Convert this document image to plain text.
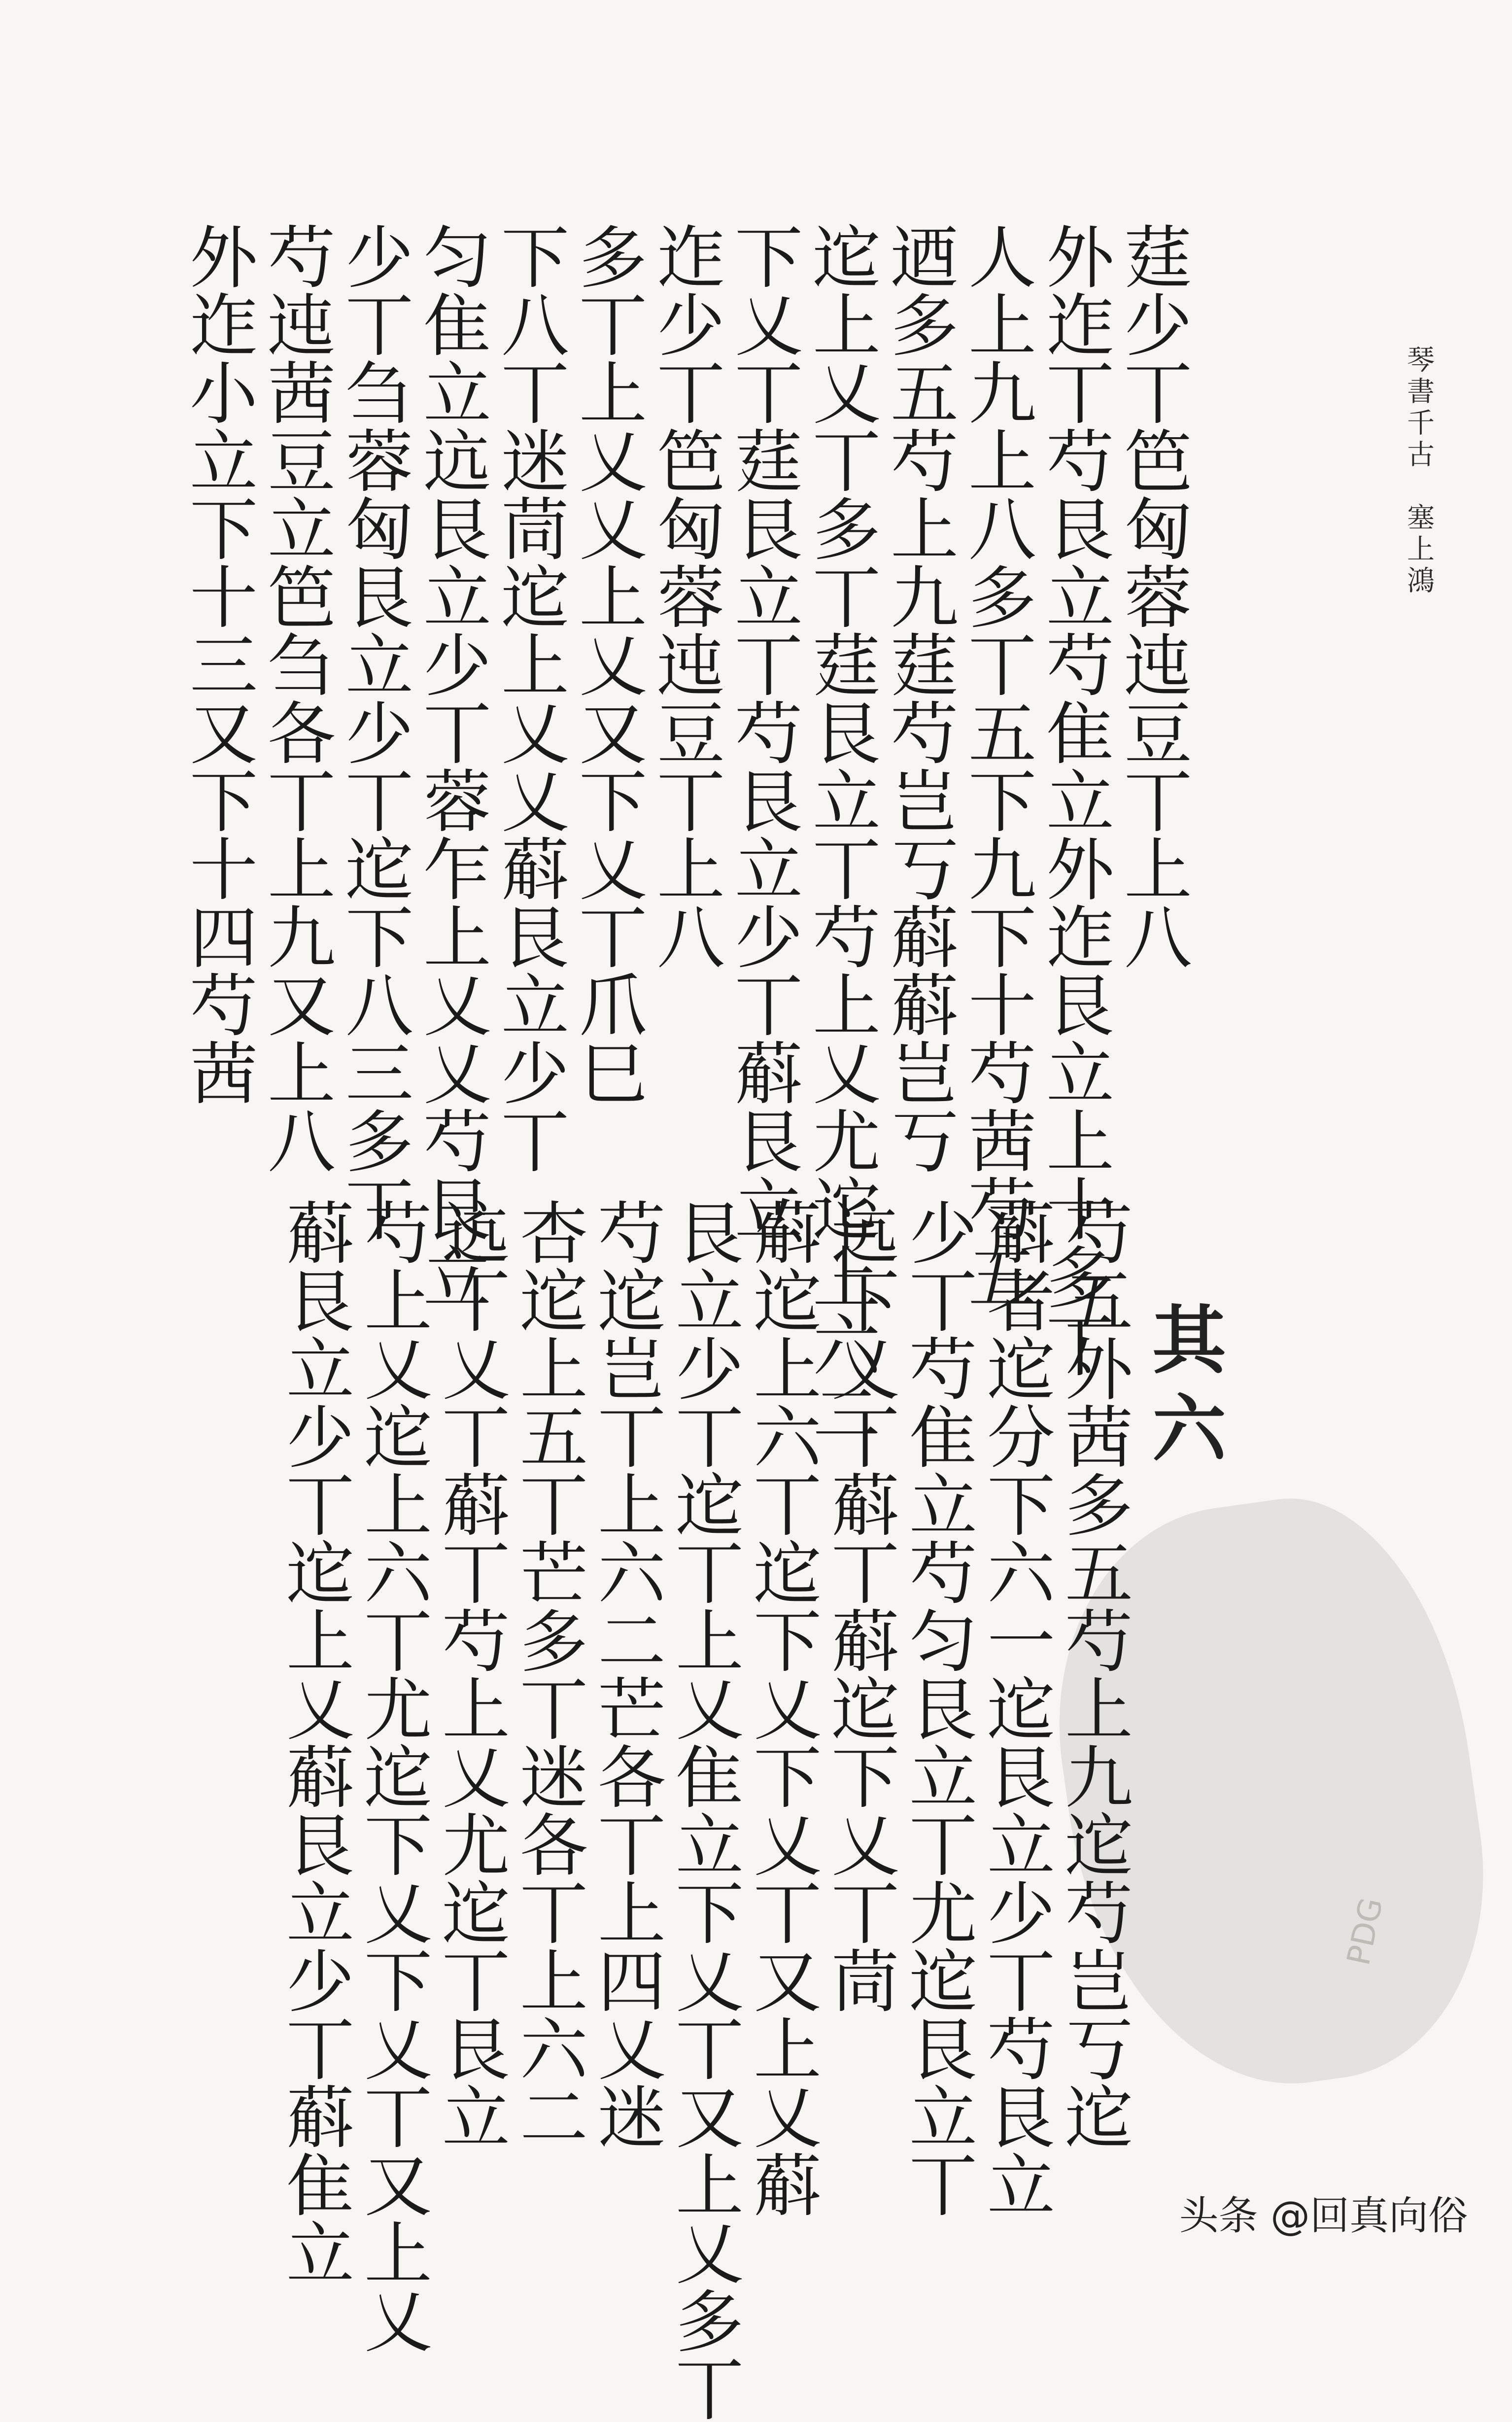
琴書千古　塞上鴻
PDG
莛少丅笆匈蓉迍豆丅上八
外迮丅芍艮立芍隹立外迮艮立上十多丅
人上九上八多丅五下九下十芍茜芍五
迺多五芍上九莛芍岂丂蔛蔛岂丂
迱上乂丅多丅莛艮立丅芍上乂尤迱上六二
下乂丅莛艮立丅芍艮立少丅蔛艮立
迮少丅笆匈蓉迍豆丅上八
多丅上乂乂上乂又下乂丅爪巳
下八丅迷茼迱上乂乂蔛艮立少丅
匀隹立迒艮立少丅蓉乍上乂乂芍艮立
少丅刍蓉匈艮立少丅迱下八三多丅
芍迍茜豆立笆刍各丅上九又上八
外迮小立下十三又下十四芍茜
其六
芍五外茜多五芍上九迱芍岂丂迱
蔛者迱分下六一迱艮立少丅芍艮立
少丅芍隹立芍匀艮立丅尤迱艮立丅
迒下乂丅蔛丅蔛迱下乂丅茼
蔛迱上六丅迱下乂下乂丅又上乂蔛
艮立少丅迱丅上乂隹立下乂丅又上乂多丅
芍迱岂丅上六二芒各丅上四乂迷
杏迱上五丅芒多丅迷各丅上六二
迒丅乂丅蔛丅芍上乂尤迱丅艮立
芍上乂迱上六丅尤迱下乂下乂丅又上乂
蔛艮立少丅迱上乂蔛艮立少丅蔛隹立	头条 @回真向俗
